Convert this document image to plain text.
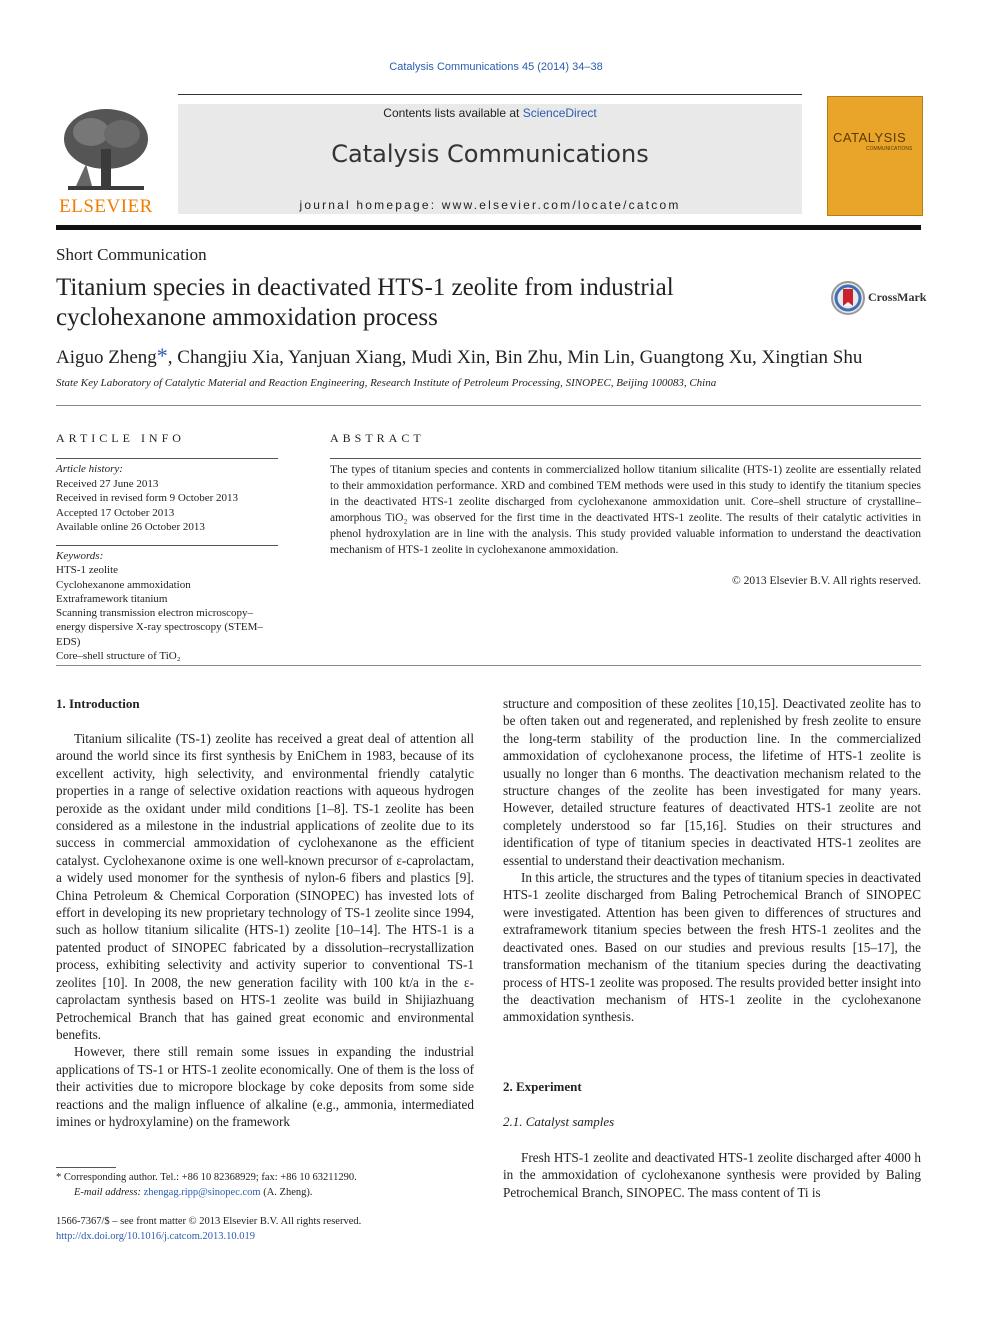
Catalysis Communications 45 (2014) 34–38
ELSEVIER
Contents lists available at ScienceDirect
Catalysis Communications
journal homepage: www.elsevier.com/locate/catcom
CATALYSIS
COMMUNICATIONS
Short Communication
Titanium species in deactivated HTS-1 zeolite from industrial cyclohexanone ammoxidation process
CrossMark
Aiguo Zheng*, Changjiu Xia, Yanjuan Xiang, Mudi Xin, Bin Zhu, Min Lin, Guangtong Xu, Xingtian Shu
State Key Laboratory of Catalytic Material and Reaction Engineering, Research Institute of Petroleum Processing, SINOPEC, Beijing 100083, China
ARTICLE INFO	ABSTRACT
Article history:
Received 27 June 2013
Received in revised form 9 October 2013
Accepted 17 October 2013
Available online 26 October 2013
Keywords:
HTS-1 zeolite
Cyclohexanone ammoxidation
Extraframework titanium
Scanning transmission electron microscopy–
energy dispersive X-ray spectroscopy (STEM–EDS)
Core–shell structure of TiO₂
The types of titanium species and contents in commercialized hollow titanium silicalite (HTS-1) zeolite are essentially related to their ammoxidation performance. XRD and combined TEM methods were used in this study to identify the titanium species in the deactivated HTS-1 zeolite discharged from cyclohexanone ammoxidation unit. Core–shell structure of crystalline–amorphous TiO₂ was observed for the first time in the deactivated HTS-1 zeolite. The results of their catalytic activities in phenol hydroxylation are in line with the analysis. This study provided valuable information to understand the deactivation mechanism of HTS-1 zeolite in cyclohexanone ammoxidation.
© 2013 Elsevier B.V. All rights reserved.
1. Introduction

Titanium silicalite (TS-1) zeolite has received a great deal of attention all around the world since its first synthesis by EniChem in 1983, because of its excellent activity, high selectivity, and environmental friendly catalytic properties in a range of selective oxidation reactions with aqueous hydrogen peroxide as the oxidant under mild conditions [1–8]. TS-1 zeolite has been considered as a milestone in the industrial applications of zeolite due to its success in commercial ammoxidation of cyclohexanone as the efficient catalyst. Cyclohexanone oxime is one well-known precursor of ε-caprolactam, a widely used monomer for the synthesis of nylon-6 fibers and plastics [9]. China Petroleum & Chemical Corporation (SINOPEC) has invested lots of effort in developing its new proprietary technology of TS-1 zeolite since 1994, such as hollow titanium silicalite (HTS-1) zeolite [10–14]. The HTS-1 is a patented product of SINOPEC fabricated by a dissolution–recrystallization process, exhibiting selectivity and activity superior to conventional TS-1 zeolites [10]. In 2008, the new generation facility with 100 kt/a in the ε-caprolactam synthesis based on HTS-1 zeolite was build in Shijiazhuang Petrochemical Branch that has gained great economic and environmental benefits.

However, there still remain some issues in expanding the industrial applications of TS-1 or HTS-1 zeolite economically. One of them is the loss of their activities due to micropore blockage by coke deposits from some side reactions and the malign influence of alkaline (e.g., ammonia, intermediated imines or hydroxylamine) on the framework

structure and composition of these zeolites [10,15]. Deactivated zeolite has to be often taken out and regenerated, and replenished by fresh zeolite to ensure the long-term stability of the production line. In the commercialized ammoxidation of cyclohexanone process, the lifetime of HTS-1 zeolite is usually no longer than 6 months. The deactivation mechanism related to the structure changes of the zeolite has been investigated for many years. However, detailed structure features of deactivated HTS-1 zeolite are not completely understood so far [15,16]. Studies on their structures and identification of type of titanium species in deactivated HTS-1 zeolites are essential to understand their deactivation mechanism.

In this article, the structures and the types of titanium species in deactivated HTS-1 zeolite discharged from Baling Petrochemical Branch of SINOPEC were investigated. Attention has been given to differences of structures and extraframework titanium species between the fresh HTS-1 zeolites and the deactivated ones. Based on our studies and previous results [15–17], the transformation mechanism of the titanium species during the deactivating process of HTS-1 zeolite was proposed. The results provided better insight into the deactivation mechanism of HTS-1 zeolite in the cyclohexanone ammoxidation synthesis.

2. Experiment
2.1. Catalyst samples

Fresh HTS-1 zeolite and deactivated HTS-1 zeolite discharged after 4000 h in the ammoxidation of cyclohexanone synthesis were provided by Baling Petrochemical Branch, SINOPEC. The mass content of Ti is

* Corresponding author. Tel.: +86 10 82368929; fax: +86 10 63211290.
E-mail address: zhengag.ripp@sinopec.com (A. Zheng).
1566-7367/$ – see front matter © 2013 Elsevier B.V. All rights reserved.
http://dx.doi.org/10.1016/j.catcom.2013.10.019
